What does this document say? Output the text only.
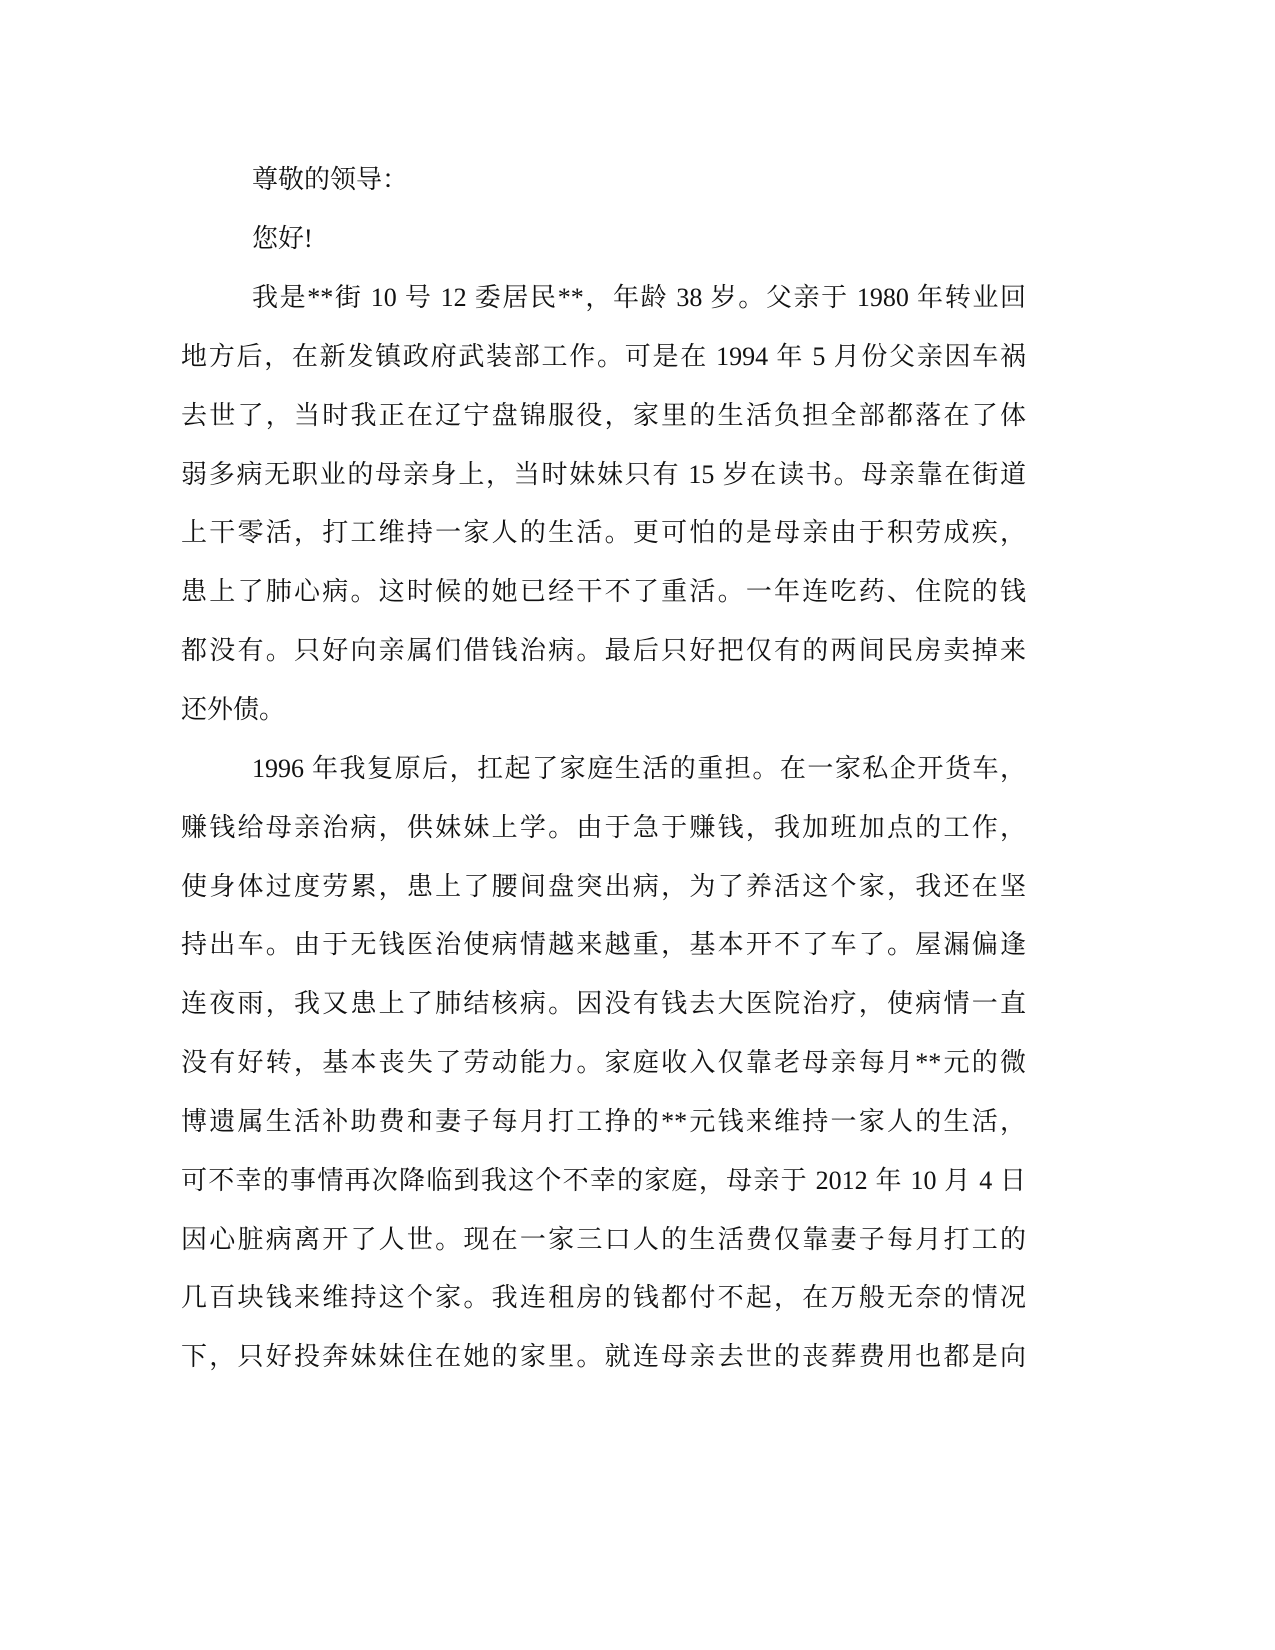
尊敬的领导：
您好!
我是**街 10 号 12 委居民**，年龄 38 岁。父亲于 1980 年转业回
地方后，在新发镇政府武装部工作。可是在 1994 年 5 月份父亲因车祸
去世了，当时我正在辽宁盘锦服役，家里的生活负担全部都落在了体
弱多病无职业的母亲身上，当时妹妹只有 15 岁在读书。母亲靠在街道
上干零活，打工维持一家人的生活。更可怕的是母亲由于积劳成疾，
患上了肺心病。这时候的她已经干不了重活。一年连吃药、住院的钱
都没有。只好向亲属们借钱治病。最后只好把仅有的两间民房卖掉来
还外债。
1996 年我复原后，扛起了家庭生活的重担。在一家私企开货车，
赚钱给母亲治病，供妹妹上学。由于急于赚钱，我加班加点的工作，
使身体过度劳累，患上了腰间盘突出病，为了养活这个家，我还在坚
持出车。由于无钱医治使病情越来越重，基本开不了车了。屋漏偏逢
连夜雨，我又患上了肺结核病。因没有钱去大医院治疗，使病情一直
没有好转，基本丧失了劳动能力。家庭收入仅靠老母亲每月**元的微
博遗属生活补助费和妻子每月打工挣的**元钱来维持一家人的生活，
可不幸的事情再次降临到我这个不幸的家庭，母亲于 2012 年 10 月 4 日
因心脏病离开了人世。现在一家三口人的生活费仅靠妻子每月打工的
几百块钱来维持这个家。我连租房的钱都付不起，在万般无奈的情况
下，只好投奔妹妹住在她的家里。就连母亲去世的丧葬费用也都是向
